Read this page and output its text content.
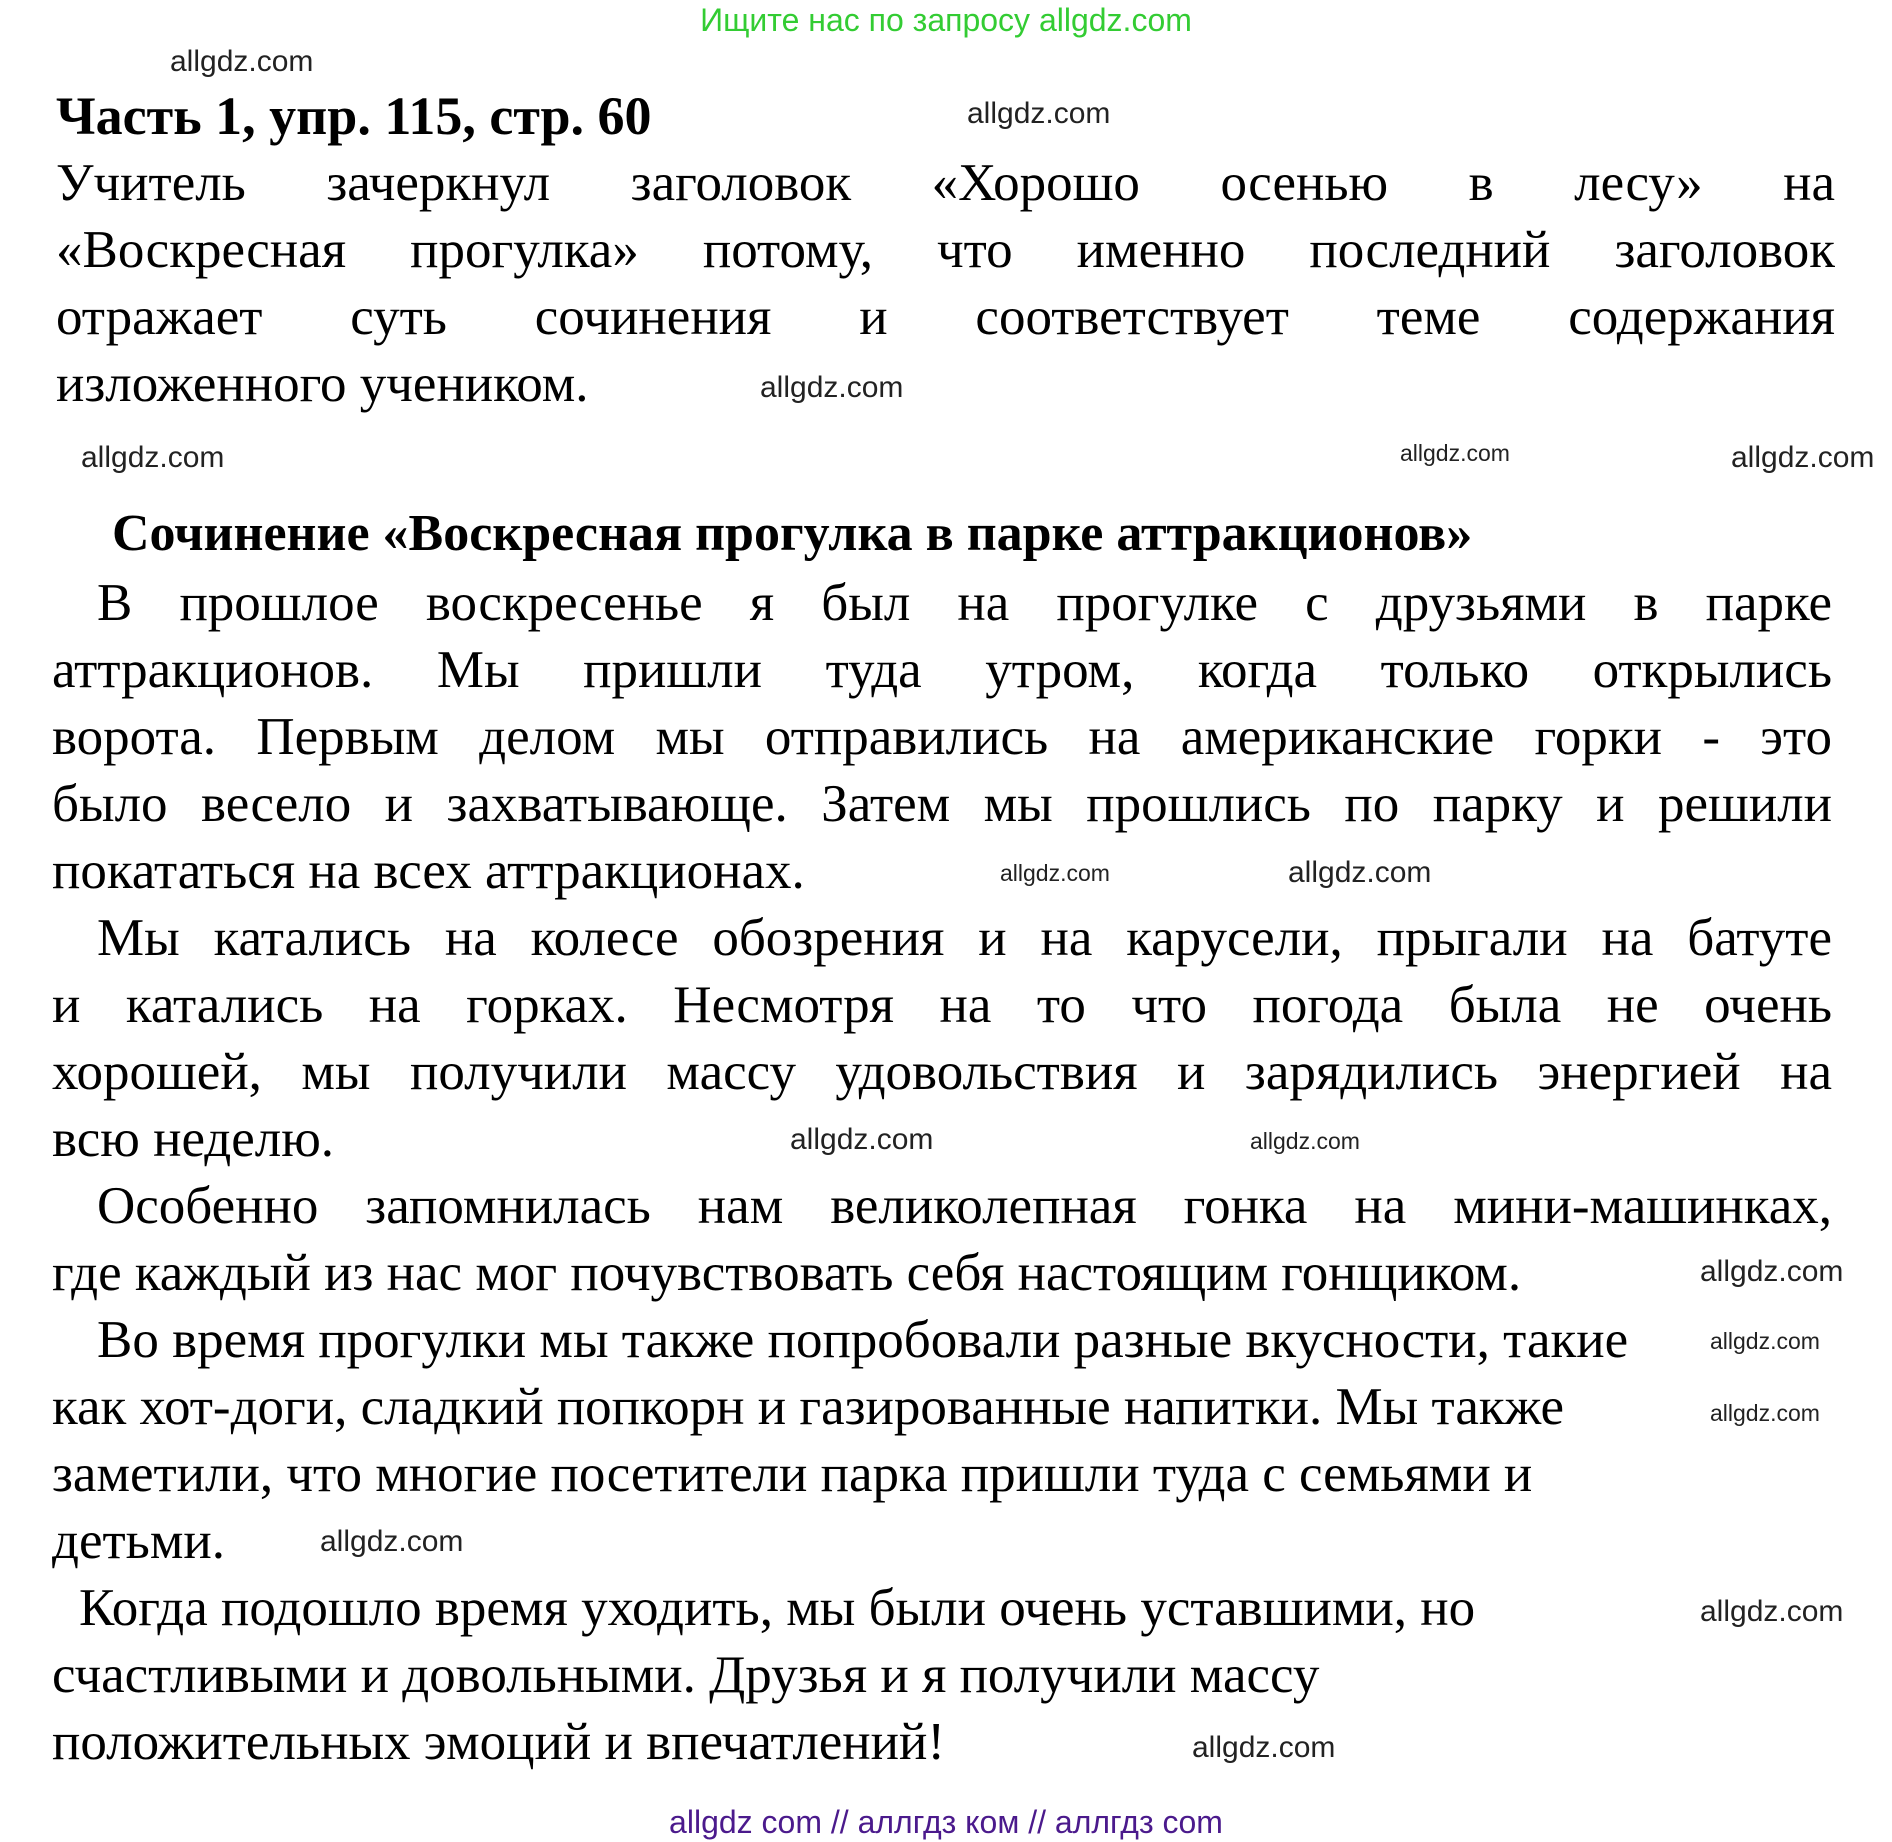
Ищите нас по запросу allgdz.com
Часть 1, упр. 115, стр. 60
Учитель зачеркнул заголовок «Хорошо осенью в лесу» на
«Воскресная прогулка» потому, что именно последний заголовок
отражает суть сочинения и соответствует теме содержания
изложенного учеником.
Сочинение «Воскресная прогулка в парке аттракционов»
В прошлое воскресенье я был на прогулке с друзьями в парке
аттракционов. Мы пришли туда утром, когда только открылись
ворота. Первым делом мы отправились на американские горки - это
было весело и захватывающе. Затем мы прошлись по парку и решили
покататься на всех аттракционах.
Мы катались на колесе обозрения и на карусели, прыгали на батуте
и катались на горках. Несмотря на то что погода была не очень
хорошей, мы получили массу удовольствия и зарядились энергией на
всю неделю.
Особенно запомнилась нам великолепная гонка на мини-машинках,
где каждый из нас мог почувствовать себя настоящим гонщиком.
Во время прогулки мы также попробовали разные вкусности, такие
как хот-доги, сладкий попкорн и газированные напитки. Мы также
заметили, что многие посетители парка пришли туда с семьями и
детьми.
Когда подошло время уходить, мы были очень уставшими, но
счастливыми и довольными. Друзья и я получили массу
положительных эмоций и впечатлений!
allgdz.com
allgdz.com
allgdz.com
allgdz.com
allgdz.com	allgdz.com
allgdz.com	allgdz.com
allgdz.com
allgdz.com
allgdz.com
allgdz.com
allgdz.com
allgdz.com
allgdz.com
allgdz.com
allgdz com // аллгдз ком // аллгдз com
